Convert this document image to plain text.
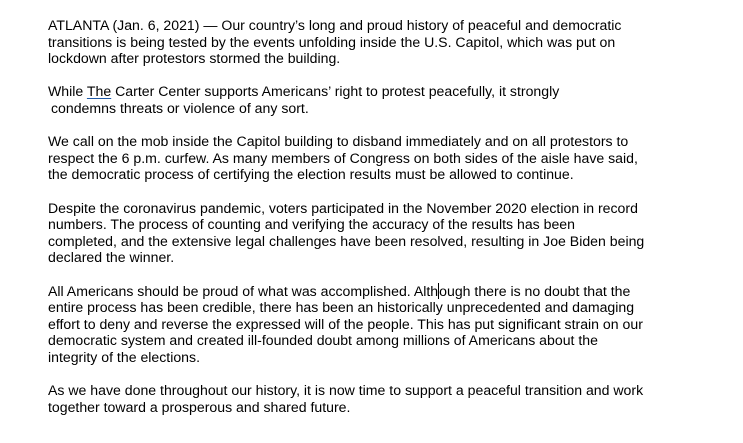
ATLANTA (Jan. 6, 2021) — Our country’s long and proud history of peaceful and democratic
transitions is being tested by the events unfolding inside the U.S. Capitol, which was put on
lockdown after protestors stormed the building.

While The Carter Center supports Americans’ right to protest peacefully, it strongly
condemns threats or violence of any sort.

We call on the mob inside the Capitol building to disband immediately and on all protestors to
respect the 6 p.m. curfew. As many members of Congress on both sides of the aisle have said,
the democratic process of certifying the election results must be allowed to continue.

Despite the coronavirus pandemic, voters participated in the November 2020 election in record
numbers. The process of counting and verifying the accuracy of the results has been
completed, and the extensive legal challenges have been resolved, resulting in Joe Biden being
declared the winner.

All Americans should be proud of what was accomplished. Although there is no doubt that the
entire process has been credible, there has been an historically unprecedented and damaging
effort to deny and reverse the expressed will of the people. This has put significant strain on our
democratic system and created ill-founded doubt among millions of Americans about the
integrity of the elections.

As we have done throughout our history, it is now time to support a peaceful transition and work
together toward a prosperous and shared future.
